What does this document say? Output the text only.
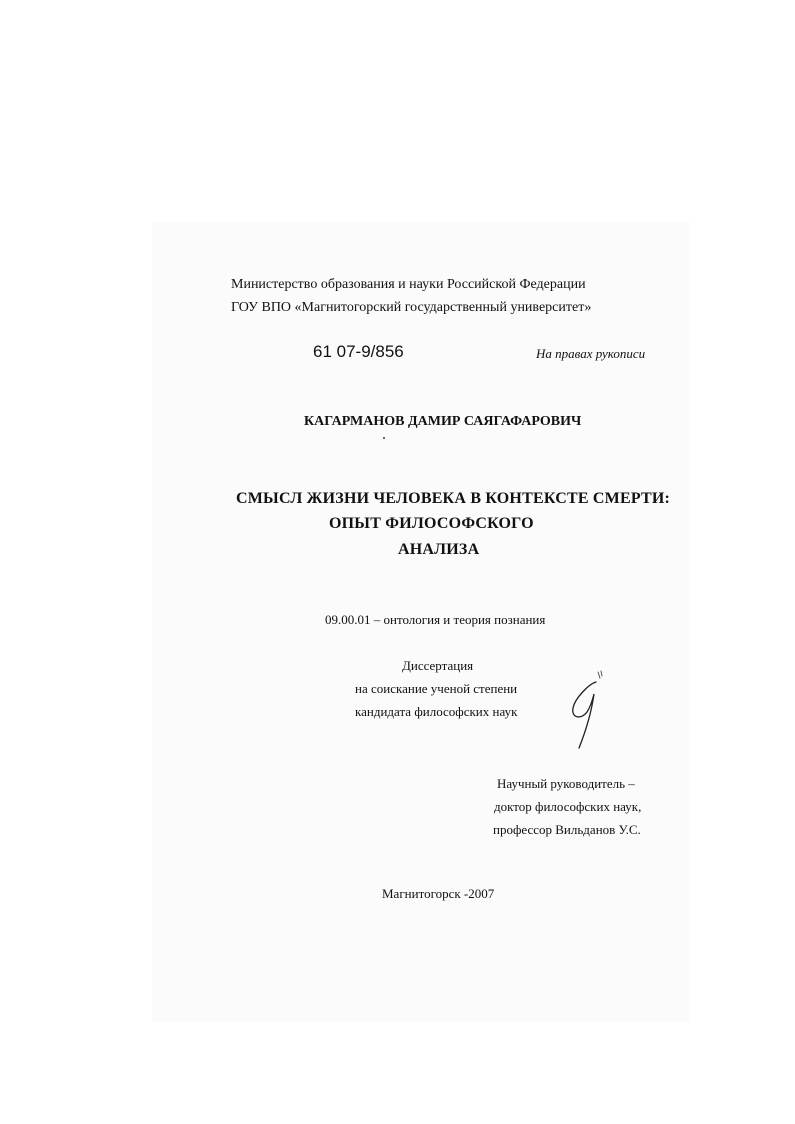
Министерство образования и науки Российской Федерации
ГОУ ВПО «Магнитогорский государственный университет»
61 07-9/856	На правах рукописи
КАГАРМАНОВ ДАМИР САЯГАФАРОВИЧ
СМЫСЛ ЖИЗНИ ЧЕЛОВЕКА В КОНТЕКСТЕ СМЕРТИ:
ОПЫТ ФИЛОСОФСКОГО
АНАЛИЗА
09.00.01 – онтология и теория познания
Диссертация
на соискание ученой степени
кандидата философских наук
Научный руководитель –
доктор философских наук,
профессор Вильданов У.С.
Магнитогорск -2007
